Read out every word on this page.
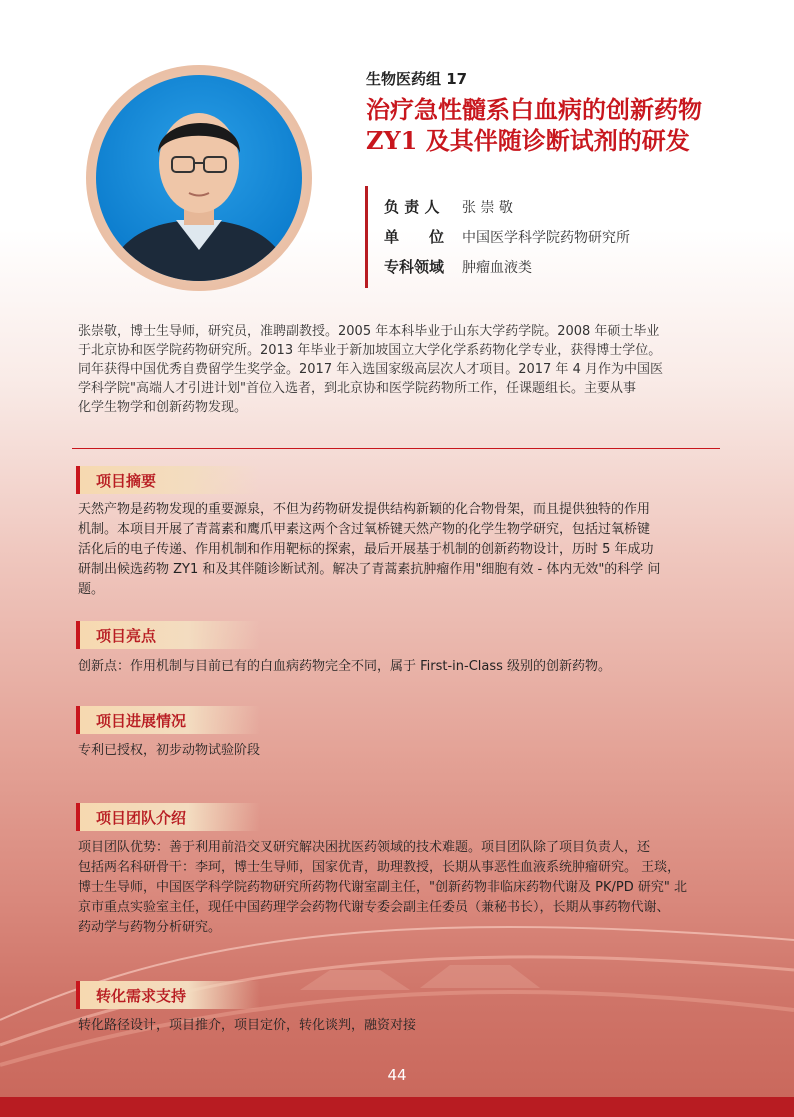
生物医药组 17
治疗急性髓系白血病的创新药物
ZY1 及其伴随诊断试剂的研发
负 责 人 张 崇 敬
单　　位 中国医学科学院药物研究所
专科领域 肿瘤血液类
张崇敬，博士生导师，研究员，准聘副教授。2005 年本科毕业于山东大学药学院。2008 年硕士毕业
于北京协和医学院药物研究所。2013 年毕业于新加坡国立大学化学系药物化学专业，获得博士学位。
同年获得中国优秀自费留学生奖学金。2017 年入选国家级高层次人才项目。2017 年 4 月作为中国医
学科学院"高端人才引进计划"首位入选者，到北京协和医学院药物所工作，任课题组长。主要从事
化学生物学和创新药物发现。
项目摘要
天然产物是药物发现的重要源泉，不但为药物研发提供结构新颖的化合物骨架，而且提供独特的作用
机制。本项目开展了青蒿素和鹰爪甲素这两个含过氧桥键天然产物的化学生物学研究，包括过氧桥键
活化后的电子传递、作用机制和作用靶标的探索，最后开展基于机制的创新药物设计，历时 5 年成功
研制出候选药物 ZY1 和及其伴随诊断试剂。解决了青蒿素抗肿瘤作用"细胞有效 - 体内无效"的科学 问
题。
项目亮点
创新点：作用机制与目前已有的白血病药物完全不同，属于 First-in-Class 级别的创新药物。
项目进展情况
专利已授权，初步动物试验阶段
项目团队介绍
项目团队优势：善于利用前沿交叉研究解决困扰医药领域的技术难题。项目团队除了项目负责人，还
包括两名科研骨干：李珂，博士生导师，国家优青，助理教授，长期从事恶性血液系统肿瘤研究。 王琰，
博士生导师，中国医学科学院药物研究所药物代谢室副主任，"创新药物非临床药物代谢及 PK/PD 研究" 北
京市重点实验室主任，现任中国药理学会药物代谢专委会副主任委员（兼秘书长），长期从事药物代谢、
药动学与药物分析研究。
转化需求支持
转化路径设计，项目推介，项目定价，转化谈判，融资对接
44
